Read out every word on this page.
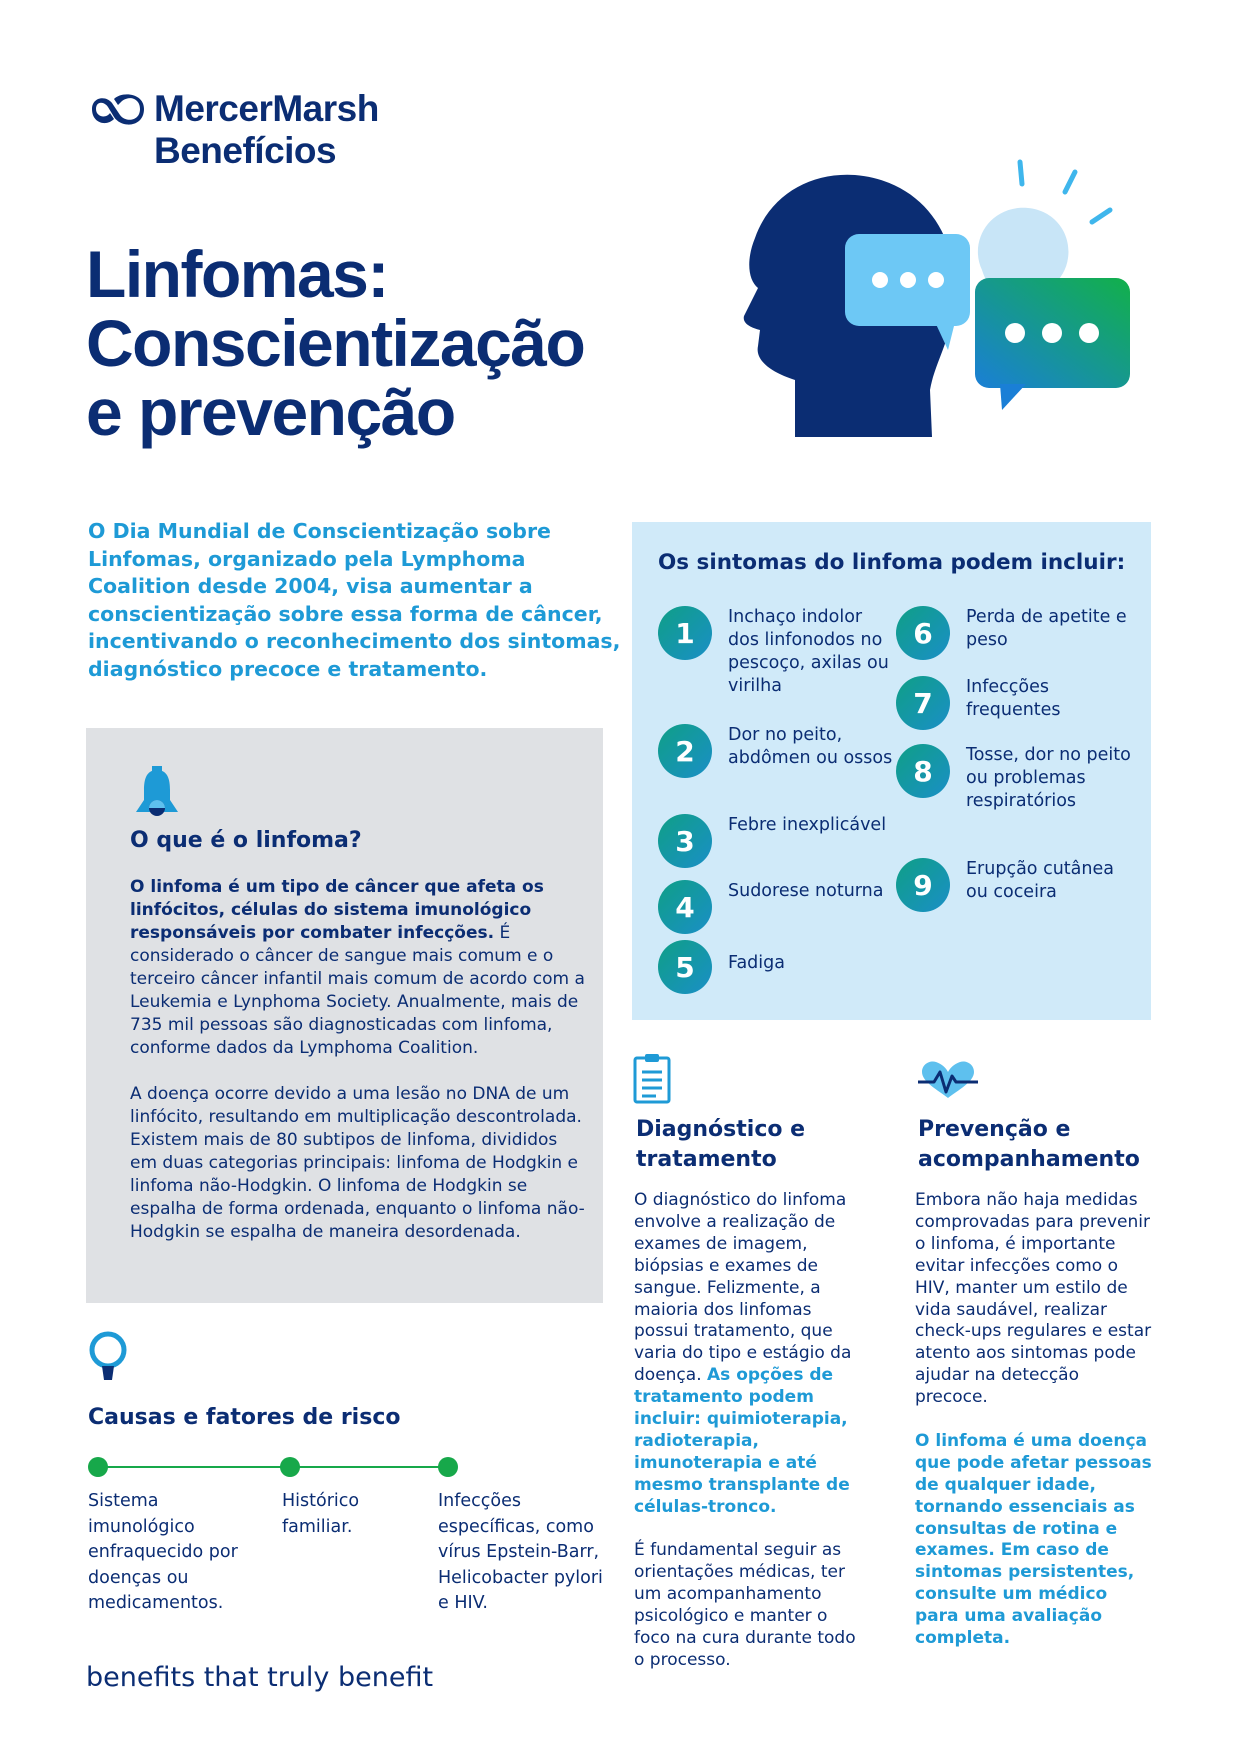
MercerMarsh
Benefícios
Linfomas:
Conscientização
e prevenção

O Dia Mundial de Conscientização sobre Linfomas, organizado pela Lymphoma Coalition desde 2004, visa aumentar a conscientização sobre essa forma de câncer, incentivando o reconhecimento dos sintomas, diagnóstico precoce e tratamento.

O que é o linfoma?

O linfoma é um tipo de câncer que afeta os linfócitos, células do sistema imunológico responsáveis por combater infecções. É considerado o câncer de sangue mais comum e o terceiro câncer infantil mais comum de acordo com a Leukemia e Lynphoma Society. Anualmente, mais de 735 mil pessoas são diagnosticadas com linfoma, conforme dados da Lymphoma Coalition.

A doença ocorre devido a uma lesão no DNA de um linfócito, resultando em multiplicação descontrolada. Existem mais de 80 subtipos de linfoma, divididos em duas categorias principais: linfoma de Hodgkin e linfoma não-Hodgkin. O linfoma de Hodgkin se espalha de forma ordenada, enquanto o linfoma não-Hodgkin se espalha de maneira desordenada.

Causas e fatores de risco

Sistema imunológico enfraquecido por doenças ou medicamentos.

Histórico familiar.

Infecções específicas, como vírus Epstein-Barr, Helicobacter pylori e HIV.

benefits that truly benefit
Os sintomas do linfoma podem incluir:
1	Inchaço indolor dos linfonodos no pescoço, axilas ou virilha
2	Dor no peito, abdômen ou ossos
3	Febre inexplicável
4	Sudorese noturna
5	Fadiga
6	Perda de apetite e peso
7	Infecções frequentes
8	Tosse, dor no peito ou problemas respiratórios
9	Erupção cutânea ou coceira
Diagnóstico e tratamento

O diagnóstico do linfoma envolve a realização de exames de imagem, biópsias e exames de sangue. Felizmente, a maioria dos linfomas possui tratamento, que varia do tipo e estágio da doença. As opções de tratamento podem incluir: quimioterapia, radioterapia, imunoterapia e até mesmo transplante de células-tronco.

É fundamental seguir as orientações médicas, ter um acompanhamento psicológico e manter o foco na cura durante todo o processo.

Prevenção e acompanhamento

Embora não haja medidas comprovadas para prevenir o linfoma, é importante evitar infecções como o HIV, manter um estilo de vida saudável, realizar check-ups regulares e estar atento aos sintomas pode ajudar na detecção precoce.

O linfoma é uma doença que pode afetar pessoas de qualquer idade, tornando essenciais as consultas de rotina e exames. Em caso de sintomas persistentes, consulte um médico para uma avaliação completa.
